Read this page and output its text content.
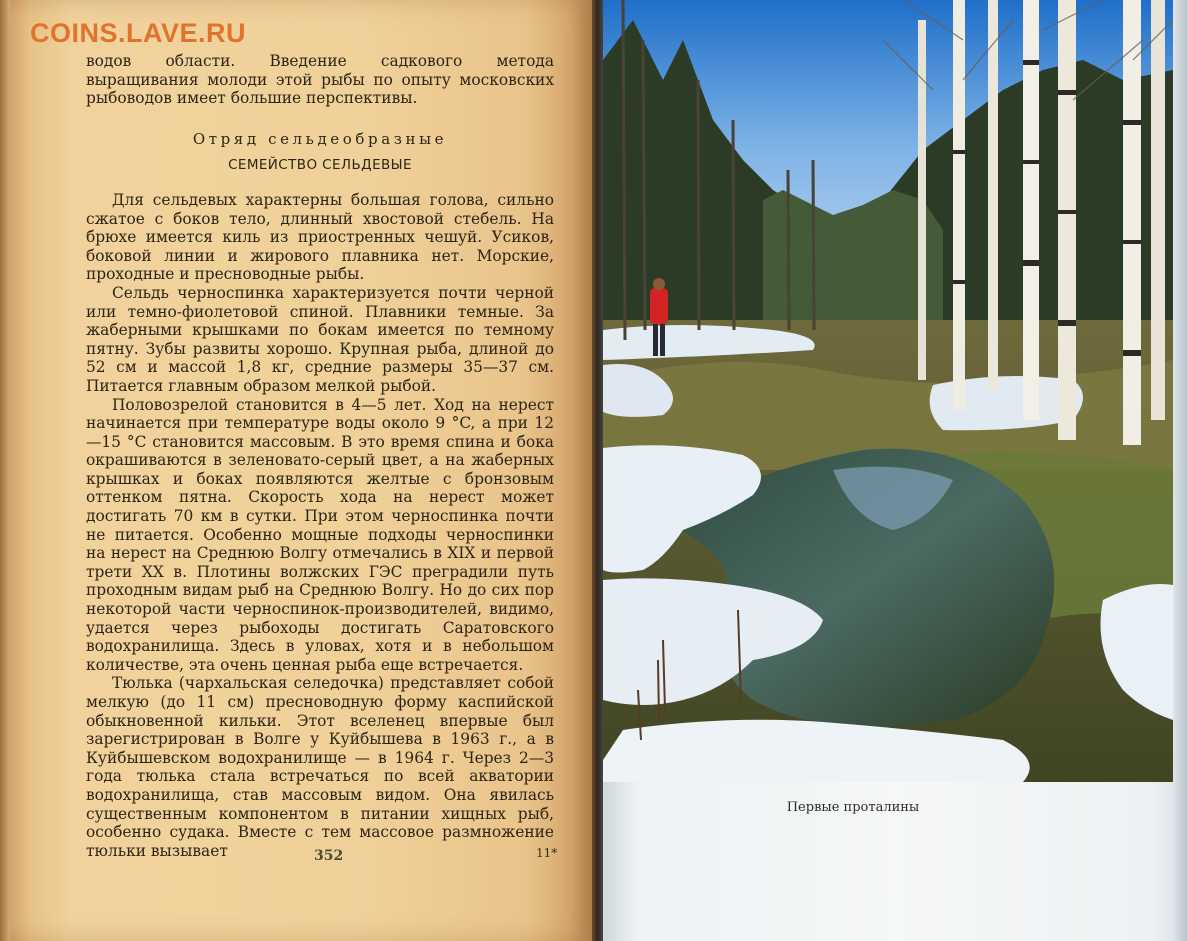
COINS.LAVE.RU

водов области. Введение садкового метода выращивания молоди этой рыбы по опыту московских рыбоводов имеет большие перспективы.

Отряд сельдеобразные
СЕМЕЙСТВО СЕЛЬДЕВЫЕ

Для сельдевых характерны большая голова, сильно сжатое с боков тело, длинный хвостовой стебель. На брюхе имеется киль из приостренных чешуй. Усиков, боковой линии и жирового плавника нет. Морские, проходные и пресноводные рыбы.

Сельдь черноспинка характеризуется почти черной или темно-фиолетовой спиной. Плавники темные. За жаберными крышками по бокам имеется по темному пятну. Зубы развиты хорошо. Крупная рыба, длиной до 52 см и массой 1,8 кг, средние размеры 35—37 см. Питается главным образом мелкой рыбой.

Половозрелой становится в 4—5 лет. Ход на нерест начинается при температуре воды около 9 °C, а при 12—15 °C становится массовым. В это время спина и бока окрашиваются в зеленовато-серый цвет, а на жаберных крышках и боках появляются желтые с бронзовым оттенком пятна. Скорость хода на нерест может достигать 70 км в сутки. При этом черноспинка почти не питается. Особенно мощные подходы черноспинки на нерест на Среднюю Волгу отмечались в XIX и первой трети XX в. Плотины волжских ГЭС преградили путь проходным видам рыб на Среднюю Волгу. Но до сих пор некоторой части черноспинок-производителей, видимо, удается через рыбоходы достигать Саратовского водохранилища. Здесь в уловах, хотя и в небольшом количестве, эта очень ценная рыба еще встречается.

Тюлька (чархальская селедочка) представляет собой мелкую (до 11 см) пресноводную форму каспийской обыкновенной кильки. Этот вселенец впервые был зарегистрирован в Волге у Куйбышева в 1963 г., а в Куйбышевском водохранилище — в 1964 г. Через 2—3 года тюлька стала встречаться по всей акватории водохранилища, став массовым видом. Она явилась существенным компонентом в питании хищных рыб, особенно судака. Вместе с тем массовое размножение тюльки вызывает	352	11*
Первые проталины
